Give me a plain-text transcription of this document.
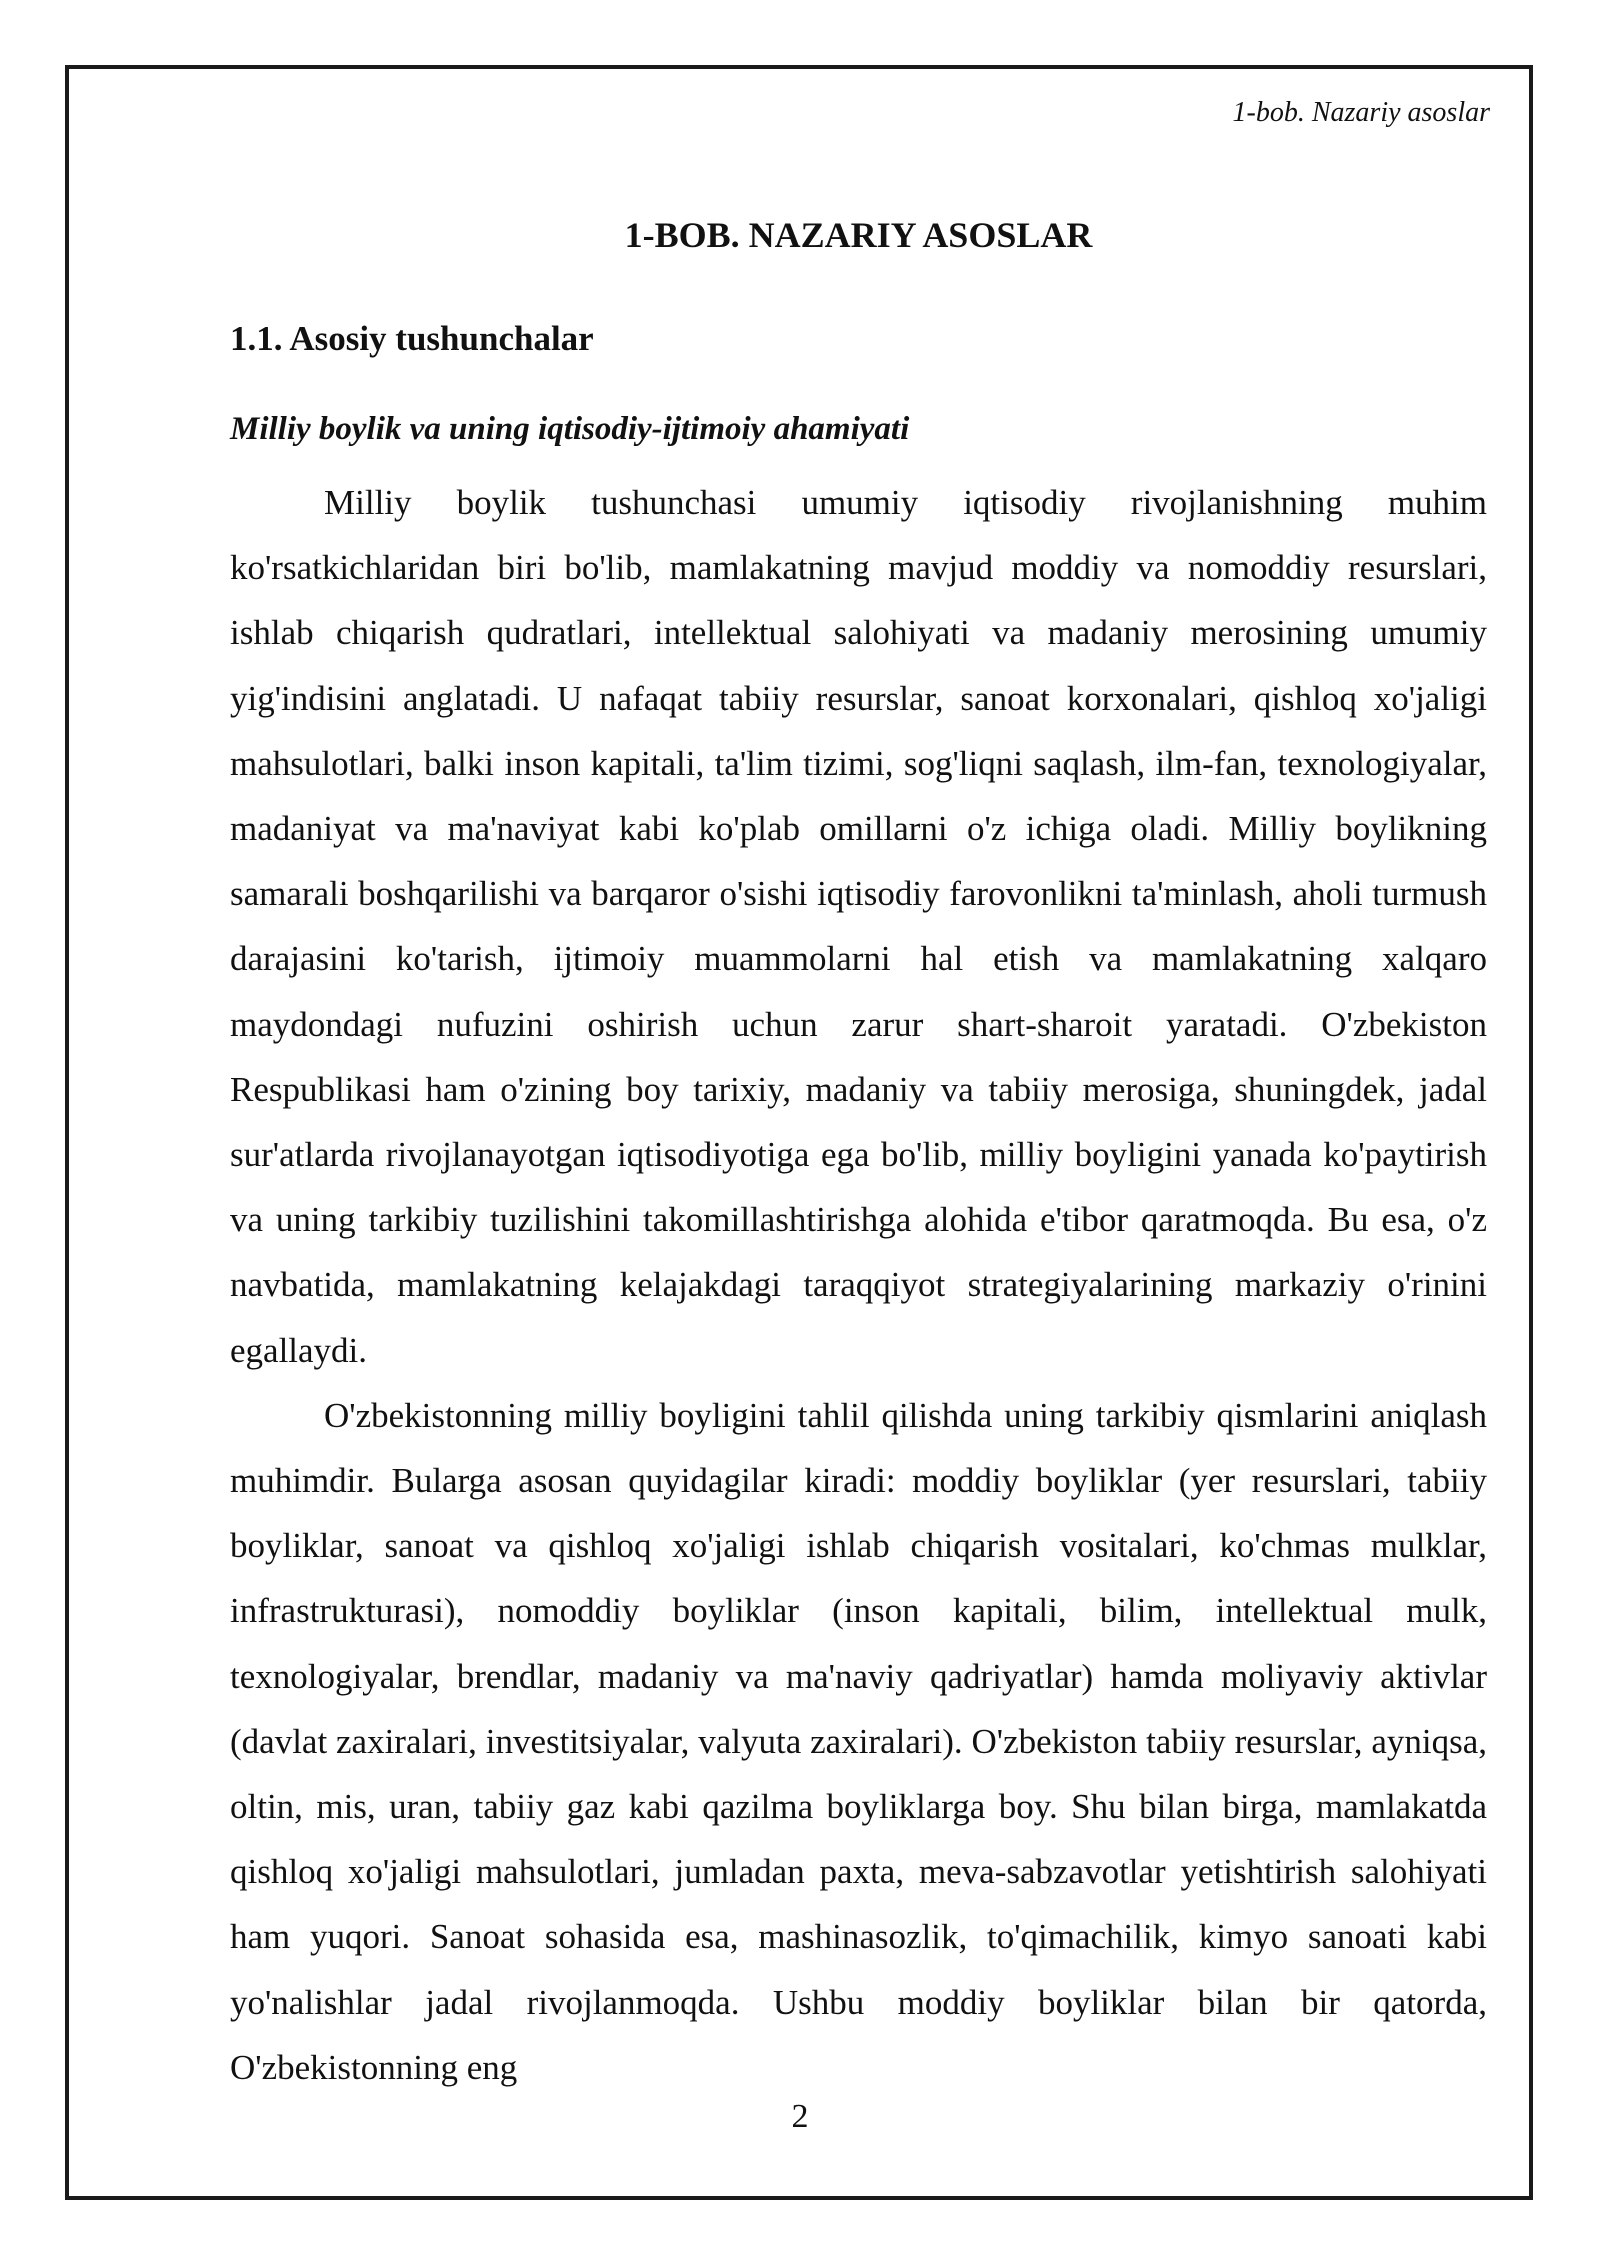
1-bob. Nazariy asoslar
1-BOB. NAZARIY ASOSLAR
1.1. Asosiy tushunchalar
Milliy boylik va uning iqtisodiy-ijtimoiy ahamiyati

Milliy boylik tushunchasi umumiy iqtisodiy rivojlanishning muhim ko'rsatkichlaridan biri bo'lib, mamlakatning mavjud moddiy va nomoddiy resurslari, ishlab chiqarish qudratlari, intellektual salohiyati va madaniy merosining umumiy yig'indisini anglatadi. U nafaqat tabiiy resurslar, sanoat korxonalari, qishloq xo'jaligi mahsulotlari, balki inson kapitali, ta'lim tizimi, sog'liqni saqlash, ilm-fan, texnologiyalar, madaniyat va ma'naviyat kabi ko'plab omillarni o'z ichiga oladi. Milliy boylikning samarali boshqarilishi va barqaror o'sishi iqtisodiy farovonlikni ta'minlash, aholi turmush darajasini ko'tarish, ijtimoiy muammolarni hal etish va mamlakatning xalqaro maydondagi nufuzini oshirish uchun zarur shart-sharoit yaratadi. O'zbekiston Respublikasi ham o'zining boy tarixiy, madaniy va tabiiy merosiga, shuningdek, jadal sur'atlarda rivojlanayotgan iqtisodiyotiga ega bo'lib, milliy boyligini yanada ko'paytirish va uning tarkibiy tuzilishini takomillashtirishga alohida e'tibor qaratmoqda. Bu esa, o'z navbatida, mamlakatning kelajakdagi taraqqiyot strategiyalarining markaziy o'rinini egallaydi.

O'zbekistonning milliy boyligini tahlil qilishda uning tarkibiy qismlarini aniqlash muhimdir. Bularga asosan quyidagilar kiradi: moddiy boyliklar (yer resurslari, tabiiy boyliklar, sanoat va qishloq xo'jaligi ishlab chiqarish vositalari, ko'chmas mulklar, infrastrukturasi), nomoddiy boyliklar (inson kapitali, bilim, intellektual mulk, texnologiyalar, brendlar, madaniy va ma'naviy qadriyatlar) hamda moliyaviy aktivlar (davlat zaxiralari, investitsiyalar, valyuta zaxiralari). O'zbekiston tabiiy resurslar, ayniqsa, oltin, mis, uran, tabiiy gaz kabi qazilma boyliklarga boy. Shu bilan birga, mamlakatda qishloq xo'jaligi mahsulotlari, jumladan paxta, meva-sabzavotlar yetishtirish salohiyati ham yuqori. Sanoat sohasida esa, mashinasozlik, to'qimachilik, kimyo sanoati kabi yo'nalishlar jadal rivojlanmoqda. Ushbu moddiy boyliklar bilan bir qatorda, O'zbekistonning eng

2
